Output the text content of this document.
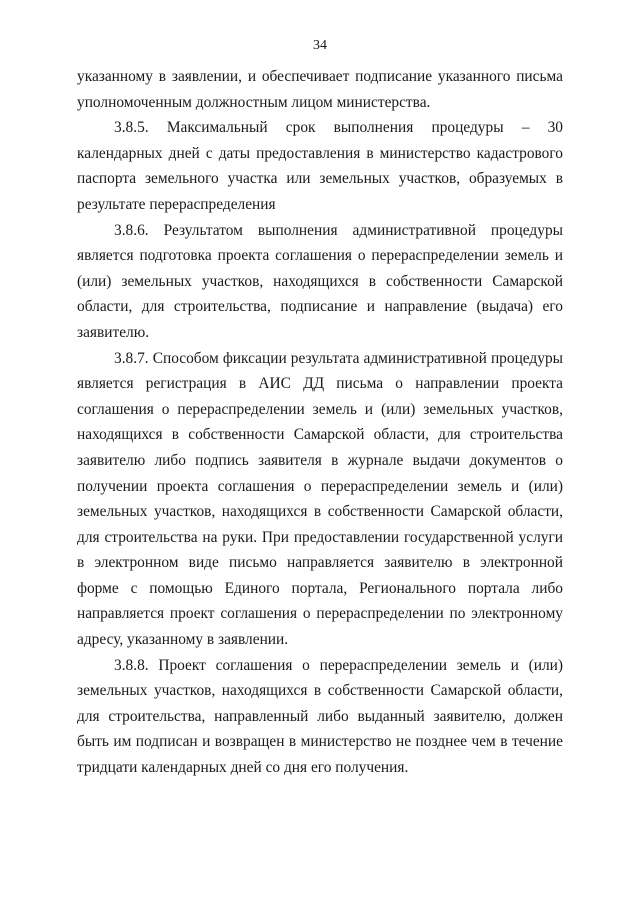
34

указанному в заявлении, и обеспечивает подписание указанного письма уполномоченным должностным лицом министерства.

3.8.5. Максимальный срок выполнения процедуры – 30 календарных дней с даты предоставления в министерство кадастрового паспорта земельного участка или земельных участков, образуемых в результате перераспределения

3.8.6. Результатом выполнения административной процедуры является подготовка проекта соглашения о перераспределении земель и (или) земельных участков, находящихся в собственности Самарской области, для строительства, подписание и направление (выдача) его заявителю.

3.8.7. Способом фиксации результата административной процедуры является регистрация в АИС ДД письма о направлении проекта соглашения о перераспределении земель и (или) земельных участков, находящихся в собственности Самарской области, для строительства заявителю либо подпись заявителя в журнале выдачи документов о получении проекта соглашения о перераспределении земель и (или) земельных участков, находящихся в собственности Самарской области, для строительства на руки. При предоставлении государственной услуги в электронном виде письмо направляется заявителю в электронной форме с помощью Единого портала, Регионального портала либо направляется проект соглашения о перераспределении по электронному адресу, указанному в заявлении.

3.8.8. Проект соглашения о перераспределении земель и (или) земельных участков, находящихся в собственности Самарской области, для строительства, направленный либо выданный заявителю, должен быть им подписан и возвращен в министерство не позднее чем в течение тридцати календарных дней со дня его получения.
